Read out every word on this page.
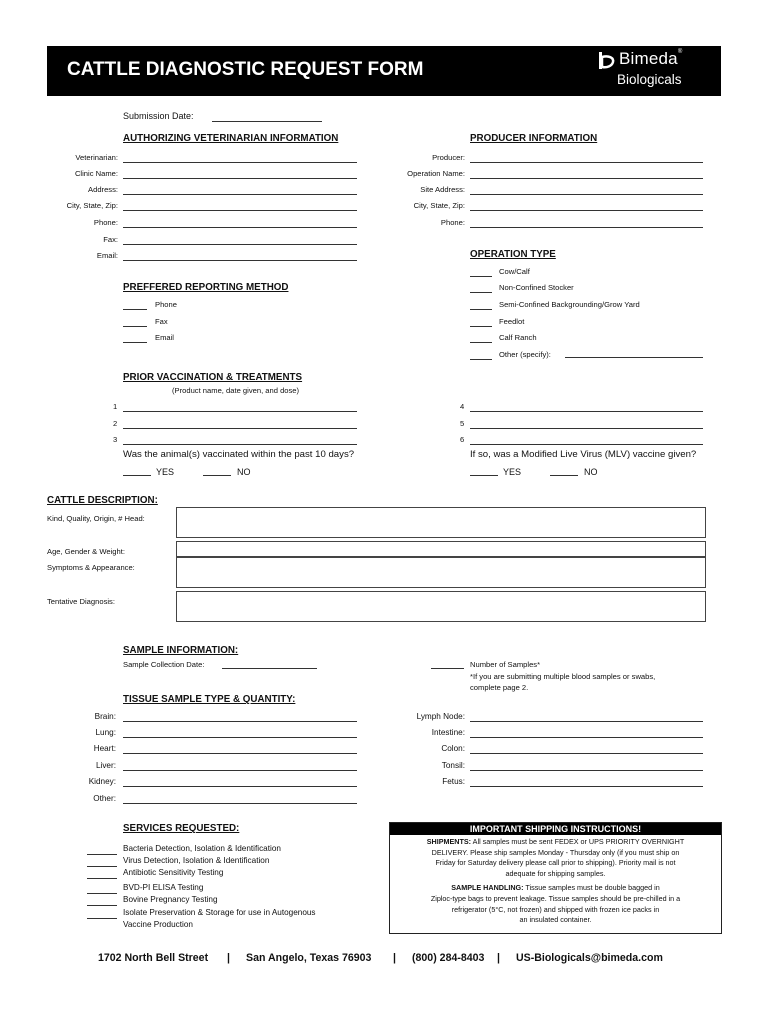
CATTLE DIAGNOSTIC REQUEST FORM
Bimeda®
Biologicals
Submission Date:
AUTHORIZING VETERINARIAN INFORMATION	PRODUCER INFORMATION
Veterinarian:
Clinic Name:
Address:
City, State, Zip:
Phone:
Fax:
Email:
Producer:
Operation Name:
Site Address:
City, State, Zip:
Phone:
OPERATION TYPE
Cow/Calf
Non-Confined Stocker
Semi-Confined Backgrounding/Grow Yard
Feedlot
Calf Ranch
Other (specify):
PREFFERED REPORTING METHOD
Phone
Fax
Email
PRIOR VACCINATION & TREATMENTS
(Product name, date given, and dose)
1	4
2	5
3	6
Was the animal(s) vaccinated within the past 10 days?	If so, was a Modified Live Virus (MLV) vaccine given?
YES	NO	YES	NO
CATTLE DESCRIPTION:
Kind, Quality, Origin, # Head:
Age, Gender & Weight:
Symptoms & Appearance:
Tentative Diagnosis:
SAMPLE INFORMATION:
Sample Collection Date:	Number of Samples*
*If you are submitting multiple blood samples or swabs,
complete page 2.
TISSUE SAMPLE TYPE & QUANTITY:
Brain:
Lung:
Heart:
Liver:
Kidney:
Other:
Lymph Node:
Intestine:
Colon:
Tonsil:
Fetus:
SERVICES REQUESTED:
Bacteria Detection, Isolation & Identification
Virus Detection, Isolation & Identification
Antibiotic Sensitivity Testing
BVD-PI ELISA Testing
Bovine Pregnancy Testing
Isolate Preservation & Storage for use in Autogenous
Vaccine Production
IMPORTANT SHIPPING INSTRUCTIONS!
SHIPMENTS: All samples must be sent FEDEX or UPS PRIORITY OVERNIGHT
DELIVERY. Please ship samples Monday - Thursday only (if you must ship on
Friday for Saturday delivery please call prior to shipping). Priority mail is not
adequate for shipping samples.
SAMPLE HANDLING: Tissue samples must be double bagged in
Ziploc-type bags to prevent leakage. Tissue samples should be pre-chilled in a
refrigerator (5°C, not frozen) and shipped with frozen ice packs in
an insulated container.
1702 North Bell Street | San Angelo, Texas 76903 | (800) 284-8403 | US-Biologicals@bimeda.com
